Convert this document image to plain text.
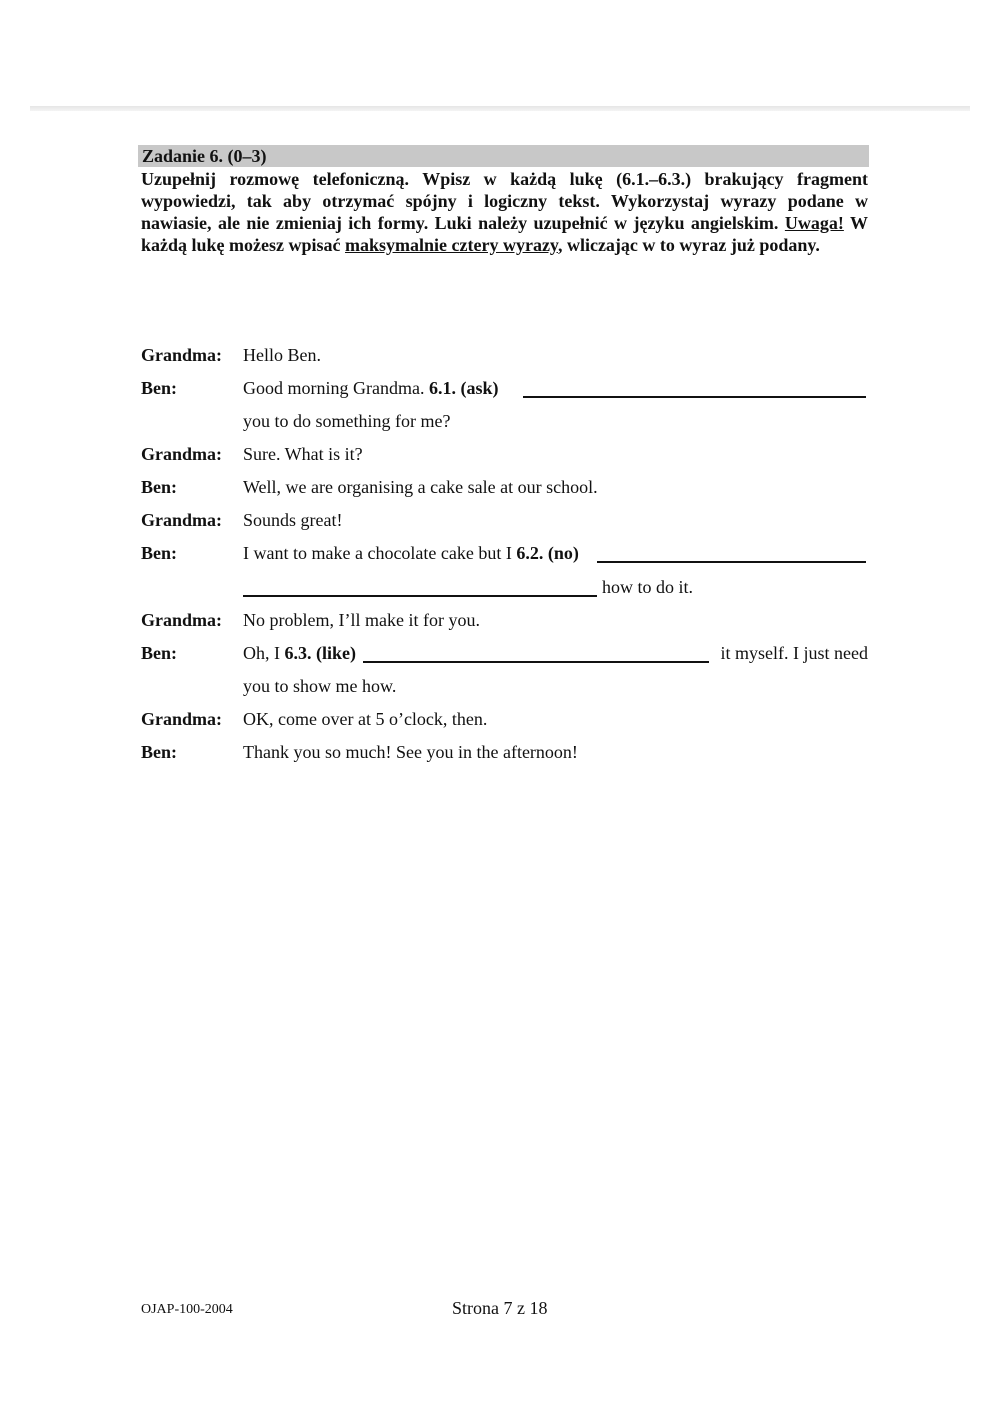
Zadanie 6. (0–3)

Uzupełnij rozmowę telefoniczną. Wpisz w każdą lukę (6.1.–6.3.) brakujący fragment wypowiedzi, tak aby otrzymać spójny i logiczny tekst. Wykorzystaj wyrazy podane w nawiasie, ale nie zmieniaj ich formy. Luki należy uzupełnić w języku angielskim. Uwaga! W każdą lukę możesz wpisać maksymalnie cztery wyrazy, wliczając w to wyraz już podany.

Grandma: Hello Ben.
Ben:	Good morning Grandma. 6.1. (ask)
you to do something for me?
Grandma: Sure. What is it?
Ben:	Well, we are organising a cake sale at our school.
Grandma: Sounds great!
Ben:	I want to make a chocolate cake but I 6.2. (no)
how to do it.
Grandma: No problem, I’ll make it for you.
Ben:	Oh, I 6.3. (like)	it myself. I just need
you to show me how.
Grandma: OK, come over at 5 o’clock, then.
Ben:	Thank you so much! See you in the afternoon!
OJAP-100-2004	Strona 7 z 18
